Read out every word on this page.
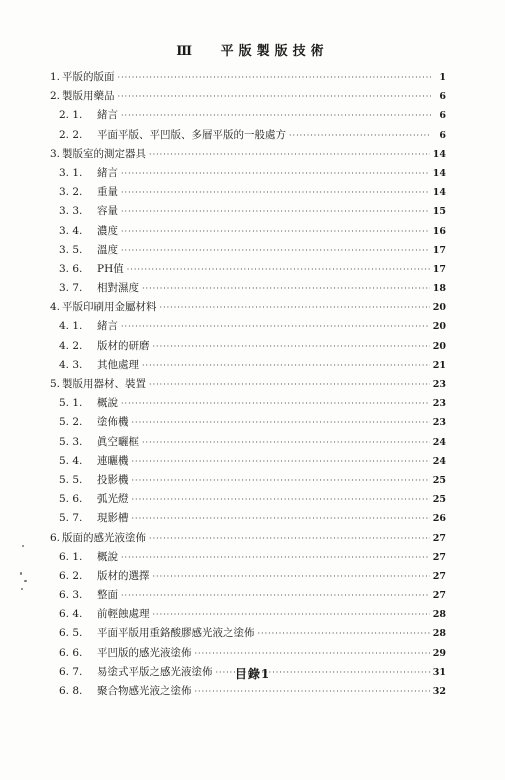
Ⅲ 平版製版技術
1. 平版的版面 ·····	1
2. 製版用藥品 ·····	6
2. 1.	緒言 ·····	6
2. 2.	平面平版、平凹版、多層平版的一般處方 ·····	6
3. 製版室的測定器具 ·····	14
3. 1.	緒言 ·····	14
3. 2.	重量 ·····	14
3. 3.	容量 ·····	15
3. 4.	濃度 ·····	16
3. 5.	溫度 ·····	17
3. 6.	PH值 ·····	17
3. 7.	相對濕度 ·····	18
4. 平版印刷用金屬材料 ·····	20
4. 1.	緒言 ·····	20
4. 2.	版材的研磨 ·····	20
4. 3.	其他處理 ·····	21
5. 製版用器材、裝置 ·····	23
5. 1.	概說 ·····	23
5. 2.	塗佈機 ·····	23
5. 3.	眞空曬框 ·····	24
5. 4.	連曬機 ·····	24
5. 5.	投影機 ·····	25
5. 6.	弧光燈 ·····	25
5. 7.	現影槽 ·····	26
6. 版面的感光液塗佈 ·····	27
6. 1.	概說 ·····	27
6. 2.	版材的選擇 ·····	27
6. 3.	整面 ·····	27
6. 4.	前輕蝕處理 ·····	28
6. 5.	平面平版用重鉻酸膠感光液之塗佈 ·····	28
6. 6.	平凹版的感光液塗佈 ·····	29
6. 7.	易塗式平版之感光液塗佈 ·····	31
6. 8.	聚合物感光液之塗佈 ·····	32
目錄1
